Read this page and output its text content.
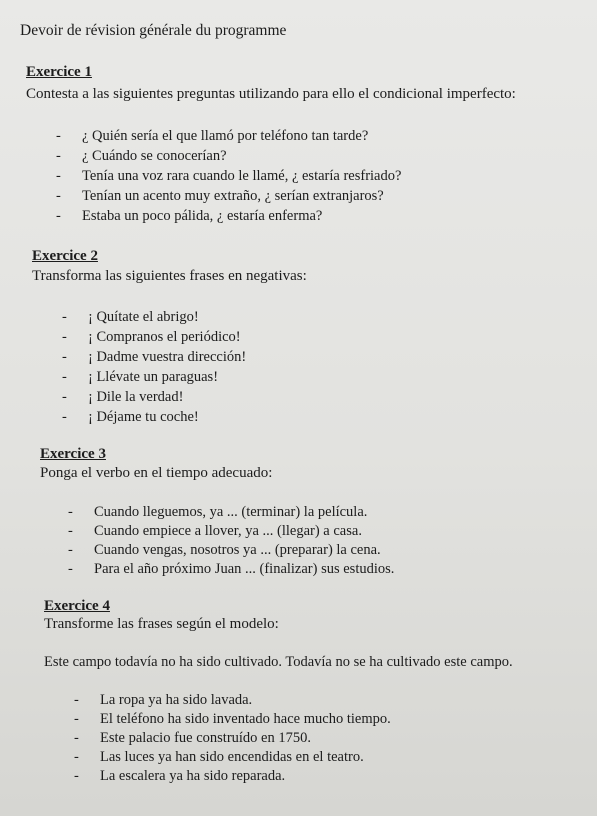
Devoir de révision générale du programme
Exercice 1
Contesta a las siguientes preguntas utilizando para ello el condicional imperfecto:
- ¿ Quién sería el que llamó por teléfono tan tarde?
- ¿ Cuándo se conocerían?
- Tenía una voz rara cuando le llamé, ¿ estaría resfriado?
- Tenían un acento muy extraño, ¿ serían extranjaros?
- Estaba un poco pálida, ¿ estaría enferma?
Exercice 2
Transforma las siguientes frases en negativas:
- ¡ Quítate el abrigo!
- ¡ Compranos el periódico!
- ¡ Dadme vuestra dirección!
- ¡ Llévate un paraguas!
- ¡ Dile la verdad!
- ¡ Déjame tu coche!
Exercice 3
Ponga el verbo en el tiempo adecuado:
- Cuando lleguemos, ya ... (terminar) la película.
- Cuando empiece a llover, ya ... (llegar) a casa.
- Cuando vengas, nosotros ya ... (preparar) la cena.
- Para el año próximo Juan ... (finalizar) sus estudios.
Exercice 4
Transforme las frases según el modelo:
Este campo todavía no ha sido cultivado. Todavía no se ha cultivado este campo.
- La ropa ya ha sido lavada.
- El teléfono ha sido inventado hace mucho tiempo.
- Este palacio fue construído en 1750.
- Las luces ya han sido encendidas en el teatro.
- La escalera ya ha sido reparada.
